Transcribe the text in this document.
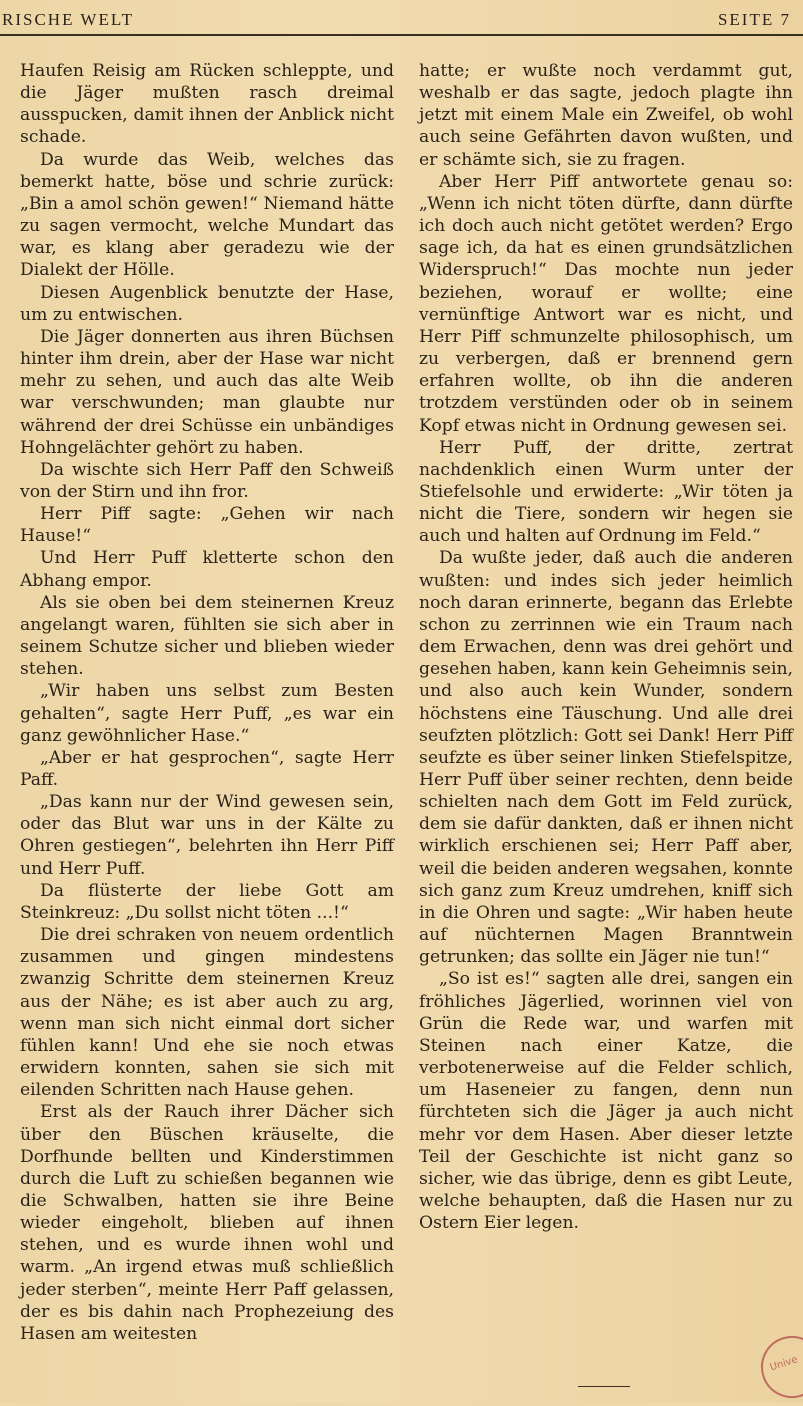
RISCHE WELT	SEITE 7

Haufen Reisig am Rücken schleppte, und die Jäger mußten rasch dreimal ausspucken, damit ihnen der Anblick nicht schade.

Da wurde das Weib, welches das bemerkt hatte, böse und schrie zurück: „Bin a amol schön gewen!“ Niemand hätte zu sagen vermocht, welche Mundart das war, es klang aber geradezu wie der Dialekt der Hölle.

Diesen Augenblick benutzte der Hase, um zu entwischen.

Die Jäger donnerten aus ihren Büchsen hinter ihm drein, aber der Hase war nicht mehr zu sehen, und auch das alte Weib war verschwunden; man glaubte nur während der drei Schüsse ein unbändiges Hohngelächter gehört zu haben.

Da wischte sich Herr Paff den Schweiß von der Stirn und ihn fror.

Herr Piff sagte: „Gehen wir nach Hause!“

Und Herr Puff kletterte schon den Abhang empor.

Als sie oben bei dem steinernen Kreuz angelangt waren, fühlten sie sich aber in seinem Schutze sicher und blieben wieder stehen.

„Wir haben uns selbst zum Besten gehalten“, sagte Herr Puff, „es war ein ganz gewöhnlicher Hase.“

„Aber er hat gesprochen“, sagte Herr Paff.

„Das kann nur der Wind gewesen sein, oder das Blut war uns in der Kälte zu Ohren gestiegen“, belehrten ihn Herr Piff und Herr Puff.

Da flüsterte der liebe Gott am Steinkreuz: „Du sollst nicht töten ...!“

Die drei schraken von neuem ordentlich zusammen und gingen mindestens zwanzig Schritte dem steinernen Kreuz aus der Nähe; es ist aber auch zu arg, wenn man sich nicht einmal dort sicher fühlen kann! Und ehe sie noch etwas erwidern konnten, sahen sie sich mit eilenden Schritten nach Hause gehen.

Erst als der Rauch ihrer Dächer sich über den Büschen kräuselte, die Dorfhunde bellten und Kinderstimmen durch die Luft zu schießen begannen wie die Schwalben, hatten sie ihre Beine wieder eingeholt, blieben auf ihnen stehen, und es wurde ihnen wohl und warm. „An irgend etwas muß schließlich jeder sterben“, meinte Herr Paff gelassen, der es bis dahin nach Prophezeiung des Hasen am weitesten

hatte; er wußte noch verdammt gut, weshalb er das sagte, jedoch plagte ihn jetzt mit einem Male ein Zweifel, ob wohl auch seine Gefährten davon wußten, und er schämte sich, sie zu fragen.

Aber Herr Piff antwortete genau so: „Wenn ich nicht töten dürfte, dann dürfte ich doch auch nicht getötet werden? Ergo sage ich, da hat es einen grundsätzlichen Widerspruch!“ Das mochte nun jeder beziehen, worauf er wollte; eine vernünftige Antwort war es nicht, und Herr Piff schmunzelte philosophisch, um zu verbergen, daß er brennend gern erfahren wollte, ob ihn die anderen trotzdem verstünden oder ob in seinem Kopf etwas nicht in Ordnung gewesen sei.

Herr Puff, der dritte, zertrat nachdenklich einen Wurm unter der Stiefelsohle und erwiderte: „Wir töten ja nicht die Tiere, sondern wir hegen sie auch und halten auf Ordnung im Feld.“

Da wußte jeder, daß auch die anderen wußten: und indes sich jeder heimlich noch daran erinnerte, begann das Erlebte schon zu zerrinnen wie ein Traum nach dem Erwachen, denn was drei gehört und gesehen haben, kann kein Geheimnis sein, und also auch kein Wunder, sondern höchstens eine Täuschung. Und alle drei seufzten plötzlich: Gott sei Dank! Herr Piff seufzte es über seiner linken Stiefelspitze, Herr Puff über seiner rechten, denn beide schielten nach dem Gott im Feld zurück, dem sie dafür dankten, daß er ihnen nicht wirklich erschienen sei; Herr Paff aber, weil die beiden anderen wegsahen, konnte sich ganz zum Kreuz umdrehen, kniff sich in die Ohren und sagte: „Wir haben heute auf nüchternen Magen Branntwein getrunken; das sollte ein Jäger nie tun!“

„So ist es!“ sagten alle drei, sangen ein fröhliches Jägerlied, worinnen viel von Grün die Rede war, und warfen mit Steinen nach einer Katze, die verbotenerweise auf die Felder schlich, um Haseneier zu fangen, denn nun fürchteten sich die Jäger ja auch nicht mehr vor dem Hasen. Aber dieser letzte Teil der Geschichte ist nicht ganz so sicher, wie das übrige, denn es gibt Leute, welche behaupten, daß die Hasen nur zu Ostern Eier legen.

Unive
